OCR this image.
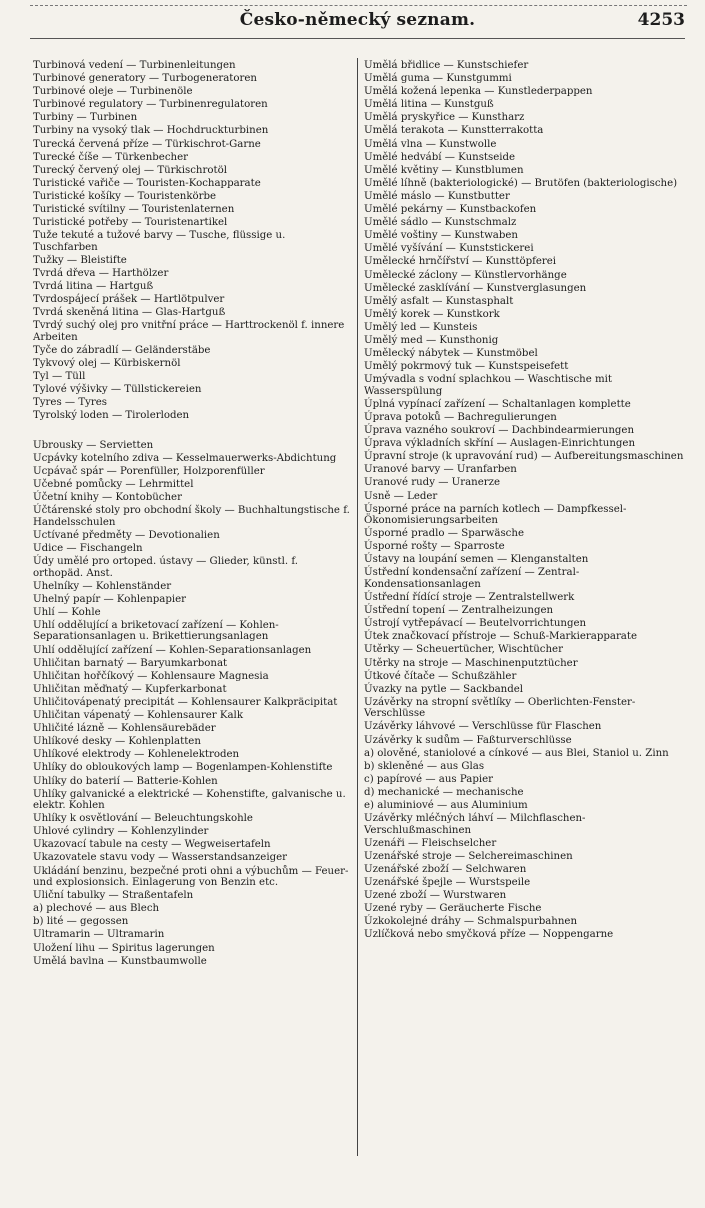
Česko-německý seznam.	4253
Turbinová vedení — Turbinenleitungen
Turbinové generatory — Turbogeneratoren
Turbinové oleje — Turbinenöle
Turbinové regulatory — Turbinenregulatoren
Turbiny — Turbinen
Turbiny na vysoký tlak — Hochdruckturbinen
Turecká červená příze — Türkischrot-Garne
Turecké číše — Türkenbecher
Turecký červený olej — Türkischrotöl
Turistické vařiče — Touristen-Kochapparate
Turistické košíky — Touristenkörbe
Turistické svítilny — Touristenlaternen
Turistické potřeby — Touristenartikel
Tuže tekuté a tužové barvy — Tusche, flüssige u. Tuschfarben
Tužky — Bleistifte
Tvrdá dřeva — Harthölzer
Tvrdá litina — Hartguß
Tvrdospájecí prášek — Hartlötpulver
Tvrdá skeněná litina — Glas-Hartguß
Tvrdý suchý olej pro vnitřní práce — Harttrockenöl f. innere Arbeiten
Tyče do zábradlí — Geländerstäbe
Tykvový olej — Kürbiskernöl
Tyl — Tüll
Tylové výšivky — Tüllstickereien
Tyres — Tyres
Tyrolský loden — Tirolerloden
Ubrousky — Servietten
Ucpávky kotelního zdiva — Kesselmauerwerks-Abdichtung
Ucpávač spár — Porenfüller, Holzporenfüller
Učebné pomůcky — Lehrmittel
Účetní knihy — Kontobücher
Účtárenské stoly pro obchodní školy — Buchhaltungstische f. Handelsschulen
Uctívané předměty — Devotionalien
Udice — Fischangeln
Údy umělé pro ortoped. ústavy — Glieder, künstl. f. orthopäd. Anst.
Uhelníky — Kohlenständer
Uhelný papír — Kohlenpapier
Uhlí — Kohle
Uhlí oddělující a briketovací zařízení — Kohlen-Separationsanlagen u. Brikettierungsanlagen
Uhlí oddělující zařízení — Kohlen-Separationsanlagen
Uhličitan barnatý — Baryumkarbonat
Uhličitan hořčíkový — Kohlensaure Magnesia
Uhličitan měďnatý — Kupferkarbonat
Uhličitovápenatý precipitát — Kohlensaurer Kalkpräcipitat
Uhličitan vápenatý — Kohlensaurer Kalk
Uhličité lázně — Kohlensäurebäder
Uhlíkové desky — Kohlenplatten
Uhlíkové elektrody — Kohlenelektroden
Uhlíky do obloukových lamp — Bogenlampen-Kohlenstifte
Uhlíky do baterií — Batterie-Kohlen
Uhlíky galvanické a elektrické — Kohenstifte, galvanische u. elektr. Kohlen
Uhlíky k osvětlování — Beleuchtungskohle
Uhlové cylindry — Kohlenzylinder
Ukazovací tabule na cesty — Wegweisertafeln
Ukazovatele stavu vody — Wasserstandsanzeiger
Ukládání benzinu, bezpečné proti ohni a výbuchům — Feuer- und explosionsich. Einlagerung von Benzin etc.
Uliční tabulky — Straßentafeln
a) plechové — aus Blech
b) lité — gegossen
Ultramarin — Ultramarin
Uložení lihu — Spiritus lagerungen
Umělá bavlna — Kunstbaumwolle
Umělá břidlice — Kunstschiefer
Umělá guma — Kunstgummi
Umělá kožená lepenka — Kunstlederpappen
Umělá litina — Kunstguß
Umělá pryskyřice — Kunstharz
Umělá terakota — Kunstterrakotta
Umělá vlna — Kunstwolle
Umělé hedvábí — Kunstseide
Umělé květiny — Kunstblumen
Umělé líhně (bakteriologické) — Brutöfen (bakteriologische)
Umělé máslo — Kunstbutter
Umělé pekárny — Kunstbackofen
Umělé sádlo — Kunstschmalz
Umělé voštiny — Kunstwaben
Umělé vyšívání — Kunststickerei
Umělecké hrnčířství — Kunsttöpferei
Umělecké záclony — Künstlervorhänge
Umělecké zasklívání — Kunstverglasungen
Umělý asfalt — Kunstasphalt
Umělý korek — Kunstkork
Umělý led — Kunsteis
Umělý med — Kunsthonig
Umělecký nábytek — Kunstmöbel
Umělý pokrmový tuk — Kunstspeisefett
Umývadla s vodní splachkou — Waschtische mit Wasserspülung
Úplná vypínací zařízení — Schaltanlagen komplette
Úprava potoků — Bachregulierungen
Úprava vazného soukroví — Dachbindearmierungen
Úprava výkladních skříní — Auslagen-Einrichtungen
Úpravní stroje (k upravování rud) — Aufbereitungsmaschinen
Uranové barvy — Uranfarben
Uranové rudy — Uranerze
Usně — Leder
Úsporné práce na parních kotlech — Dampfkessel-Ökonomisierungsarbeiten
Úsporné pradlo — Sparwäsche
Úsporné rošty — Sparroste
Ústavy na loupání semen — Klenganstalten
Ústřední kondensační zařízení — Zentral-Kondensationsanlagen
Ústřední řídící stroje — Zentralstellwerk
Ústřední topení — Zentralheizungen
Ústrojí vytřepávací — Beutelvorrichtungen
Útek značkovací přístroje — Schuß-Markierapparate
Utěrky — Scheuertücher, Wischtücher
Utěrky na stroje — Maschinenputztücher
Útkové čítače — Schußzähler
Úvazky na pytle — Sackbandel
Uzávěrky na stropní světlíky — Oberlichten-Fenster-Verschlüsse
Uzávěrky láhvové — Verschlüsse für Flaschen
Uzávěrky k sudům — Faßturverschlüsse
a) olověné, staniolové a cínkové — aus Blei, Staniol u. Zinn
b) skleněné — aus Glas
c) papírové — aus Papier
d) mechanické — mechanische
e) aluminiové — aus Aluminium
Uzávěrky mléčných láhví — Milchflaschen-Verschlußmaschinen
Uzenáři — Fleischselcher
Uzenářské stroje — Selchereimaschinen
Uzenářské zboží — Selchwaren
Uzenářské špejle — Wurstspeile
Uzené zboží — Wurstwaren
Uzené ryby — Geräucherte Fische
Úzkokolejné dráhy — Schmalspurbahnen
Uzlíčková nebo smyčková příze — Noppengarne
